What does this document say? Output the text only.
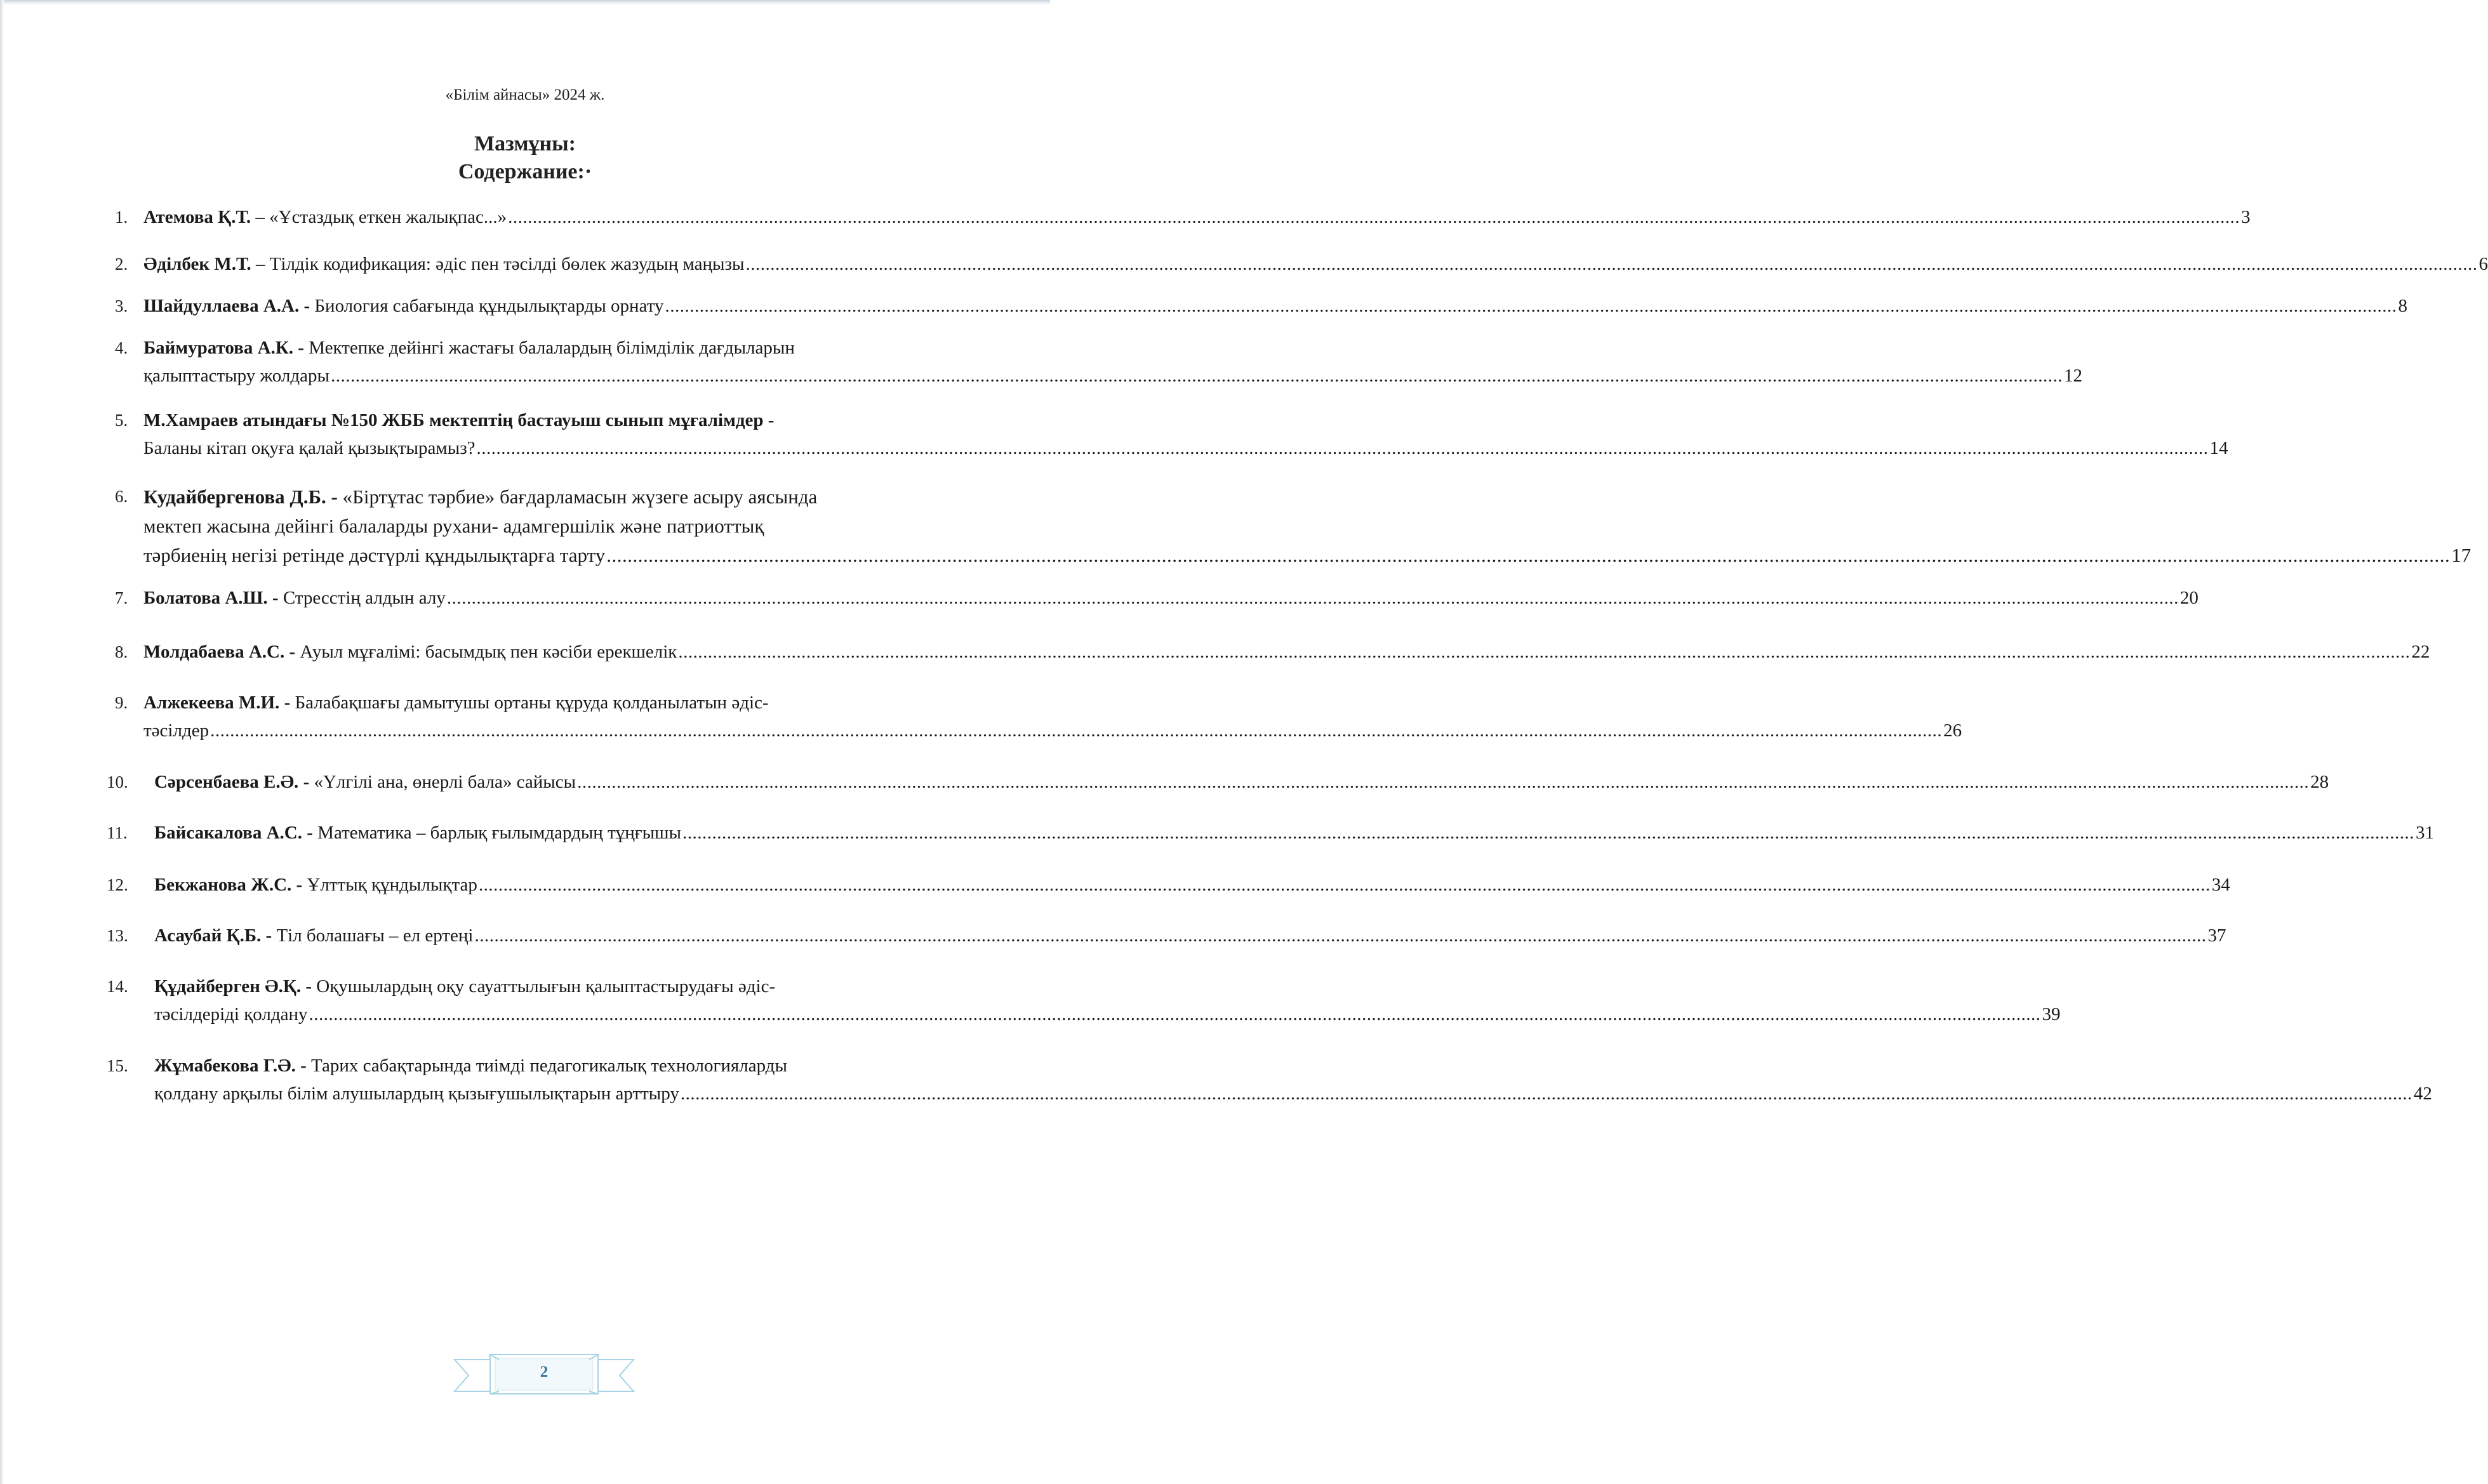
«Білім айнасы» 2024 ж.
Мазмұны:
Содержание:·
1. Атемова Қ.Т. – «Ұстаздық еткен жалықпас...» .....	3
2. Әділбек М.Т. – Тілдік кодификация: әдіс пен тәсілді бөлек жазудың маңызы .....	6
3. Шайдуллаева А.А. - Биология сабағында құндылықтарды орнату .....	8
4. Баймуратова А.К. - Мектепке дейінгі жастағы балалардың білімділік дағдыларын
қалыптастыру жолдары .....	12
5. М.Хамраев атындағы №150 ЖББ мектептің бастауыш сынып мұғалімдер -
Баланы кітап оқуға қалай қызықтырамыз? .....	14
6. Кудайбергенова Д.Б. - «Біртұтас тәрбие» бағдарламасын жүзеге асыру аясында
мектеп жасына дейінгі балаларды рухани- адамгершілік және патриоттық
тәрбиенің негізі ретінде дәстүрлі құндылықтарға тарту .....	17
7. Болатова А.Ш. - Стресстің алдын алу .....	20
8. Молдабаева А.С. - Ауыл мұғалімі: басымдық пен кәсіби ерекшелік .....	22
9. Алжекеева М.И. - Балабақшағы дамытушы ортаны құруда қолданылатын әдіс-
тәсілдер .....	26
10. Сәрсенбаева Е.Ә. - «Үлгілі ана, өнерлі бала» сайысы .....	28
11. Байсакалова А.С. - Математика – барлық ғылымдардың тұңғышы .....	31
12. Бекжанова Ж.С. - Ұлттық құндылықтар .....	34
13. Асаубай Қ.Б. - Тіл болашағы – ел ертеңі .....	37
14. Құдайберген Ә.Қ. - Оқушылардың оқу сауаттылығын қалыптастырудағы әдіс-
тәсілдеріді қолдану .....	39
15. Жұмабекова Г.Ә. - Тарих сабақтарында тиімді педагогикалық технологияларды
қолдану арқылы білім алушылардың қызығушылықтарын арттыру .....	42
2
